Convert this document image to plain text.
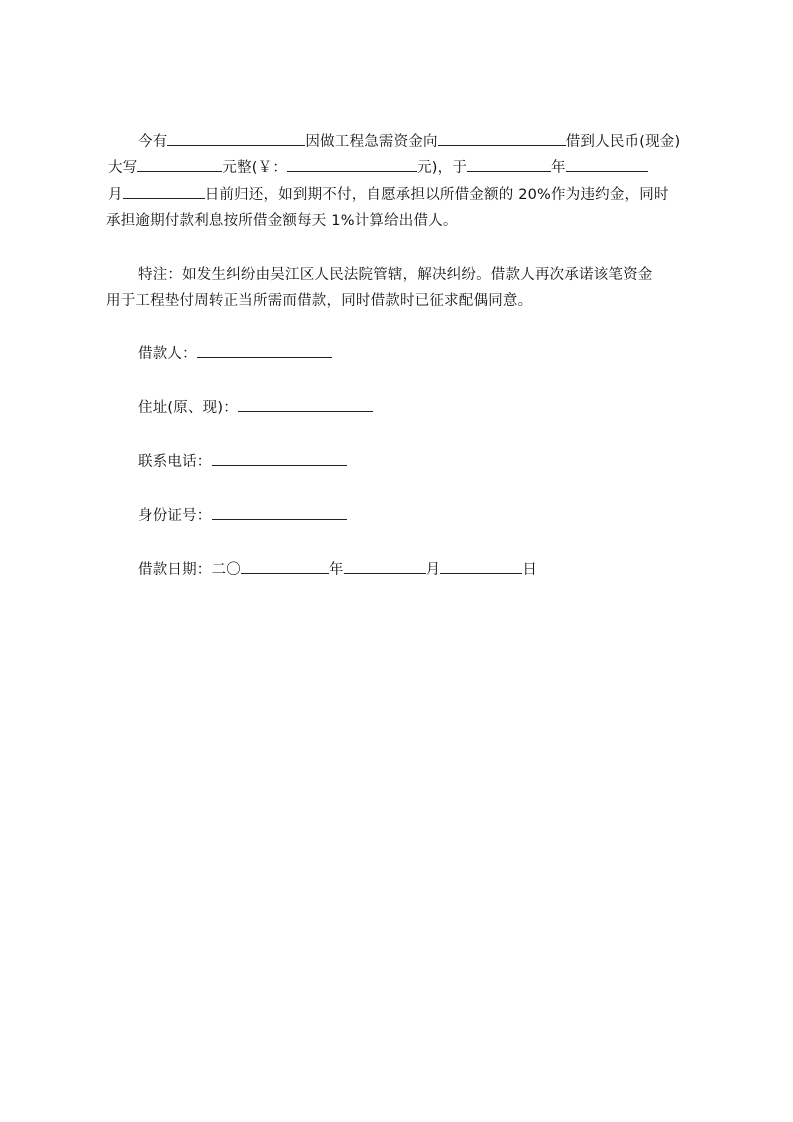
今有	因做工程急需资金向	借到人民币(现金)
大写	元整(￥：	元)，于	年
月	日前归还，如到期不付，自愿承担以所借金额的 20%作为违约金，同时
承担逾期付款利息按所借金额每天 1%计算给出借人。
特注：如发生纠纷由吴江区人民法院管辖，解决纠纷。借款人再次承诺该笔资金
用于工程垫付周转正当所需而借款，同时借款时已征求配偶同意。
借款人：
住址(原、现)：
联系电话：
身份证号：
借款日期：二〇	年	月	日
